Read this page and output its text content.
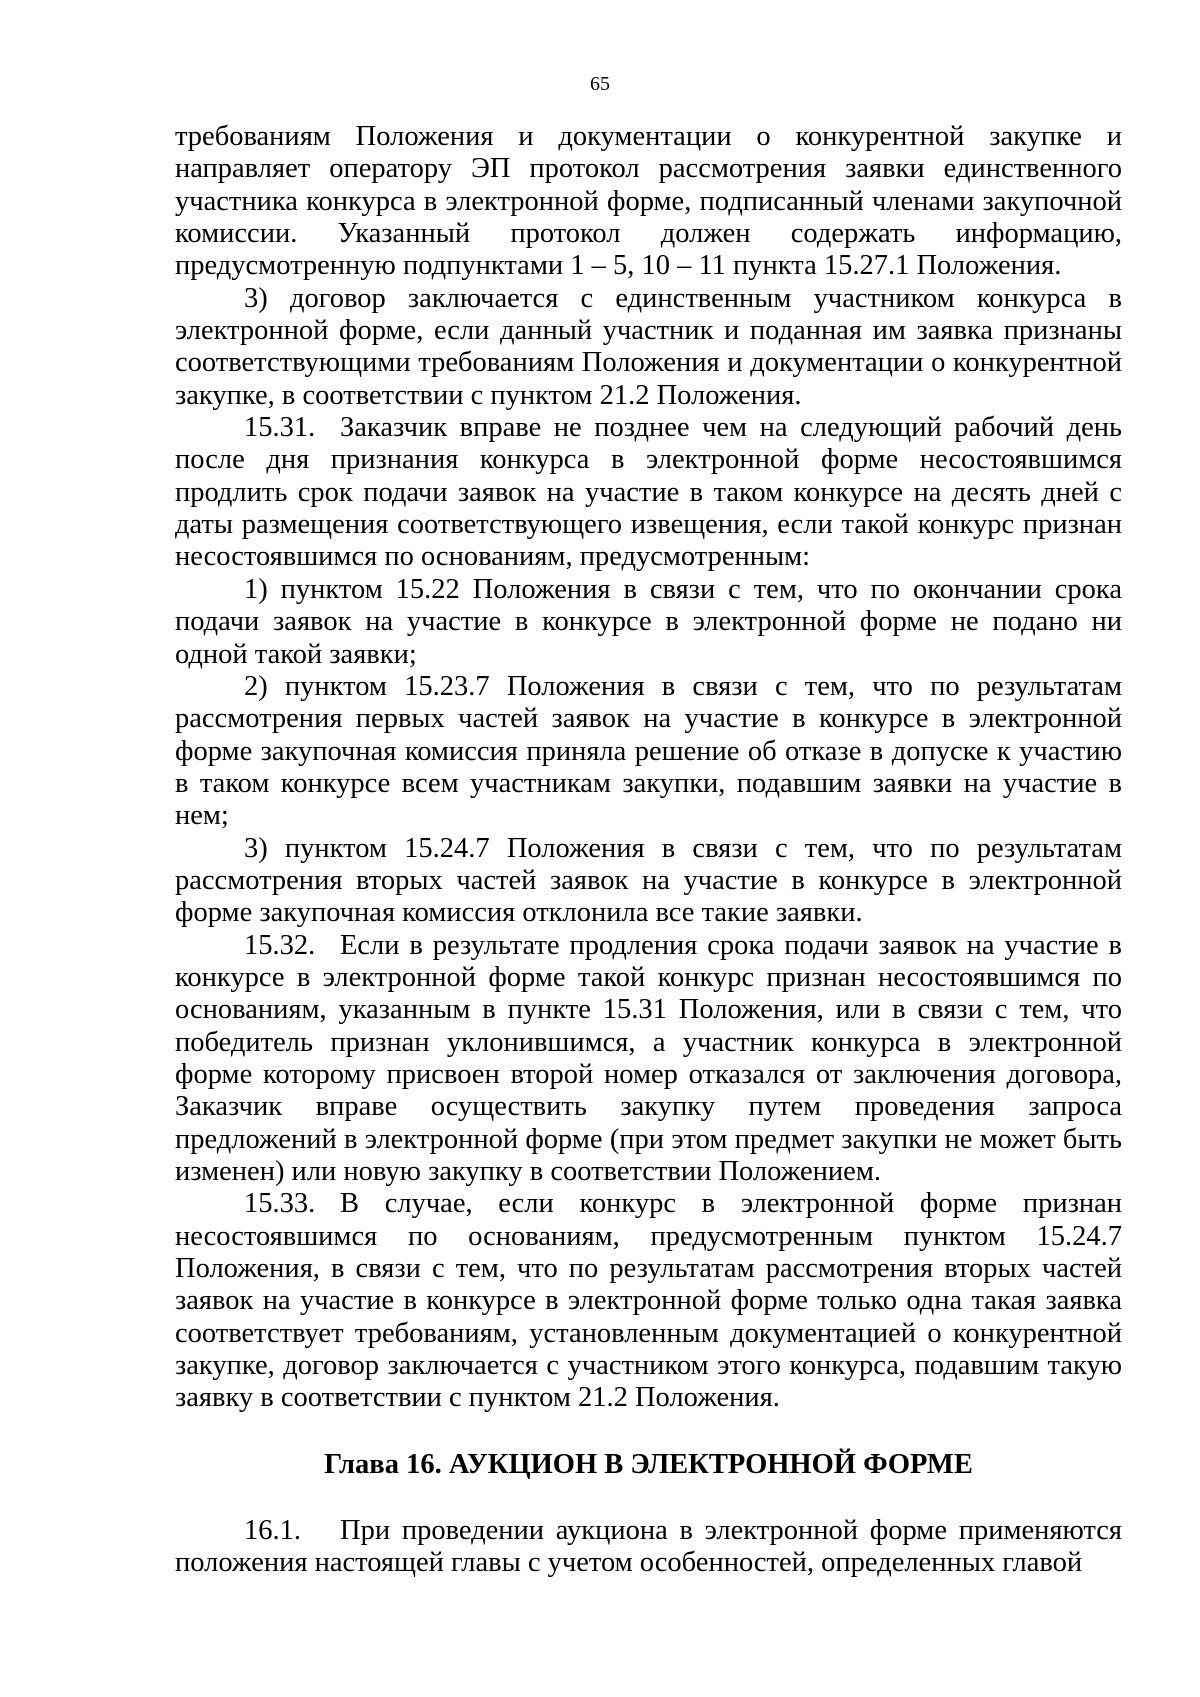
65

требованиям Положения и документации о конкурентной закупке и направляет оператору ЭП протокол рассмотрения заявки единственного участника конкурса в электронной форме, подписанный членами закупочной комиссии. Указанный протокол должен содержать информацию, предусмотренную подпунктами 1 – 5, 10 – 11 пункта 15.27.1 Положения.

3) договор заключается с единственным участником конкурса в электронной форме, если данный участник и поданная им заявка признаны соответствующими требованиям Положения и документации о конкурентной закупке, в соответствии с пунктом 21.2 Положения.

15.31. Заказчик вправе не позднее чем на следующий рабочий день после дня признания конкурса в электронной форме несостоявшимся продлить срок подачи заявок на участие в таком конкурсе на десять дней с даты размещения соответствующего извещения, если такой конкурс признан несостоявшимся по основаниям, предусмотренным:

1) пунктом 15.22 Положения в связи с тем, что по окончании срока подачи заявок на участие в конкурсе в электронной форме не подано ни одной такой заявки;

2) пунктом 15.23.7 Положения в связи с тем, что по результатам рассмотрения первых частей заявок на участие в конкурсе в электронной форме закупочная комиссия приняла решение об отказе в допуске к участию в таком конкурсе всем участникам закупки, подавшим заявки на участие в нем;

3) пунктом 15.24.7 Положения в связи с тем, что по результатам рассмотрения вторых частей заявок на участие в конкурсе в электронной форме закупочная комиссия отклонила все такие заявки.

15.32. Если в результате продления срока подачи заявок на участие в конкурсе в электронной форме такой конкурс признан несостоявшимся по основаниям, указанным в пункте 15.31 Положения, или в связи с тем, что победитель признан уклонившимся, а участник конкурса в электронной форме которому присвоен второй номер отказался от заключения договора, Заказчик вправе осуществить закупку путем проведения запроса предложений в электронной форме (при этом предмет закупки не может быть изменен) или новую закупку в соответствии Положением.

15.33. В случае, если конкурс в электронной форме признан несостоявшимся по основаниям, предусмотренным пунктом 15.24.7 Положения, в связи с тем, что по результатам рассмотрения вторых частей заявок на участие в конкурсе в электронной форме только одна такая заявка соответствует требованиям, установленным документацией о конкурентной закупке, договор заключается с участником этого конкурса, подавшим такую заявку в соответствии с пунктом 21.2 Положения.

Глава 16. АУКЦИОН В ЭЛЕКТРОННОЙ ФОРМЕ

16.1. При проведении аукциона в электронной форме применяются положения настоящей главы с учетом особенностей, определенных главой
